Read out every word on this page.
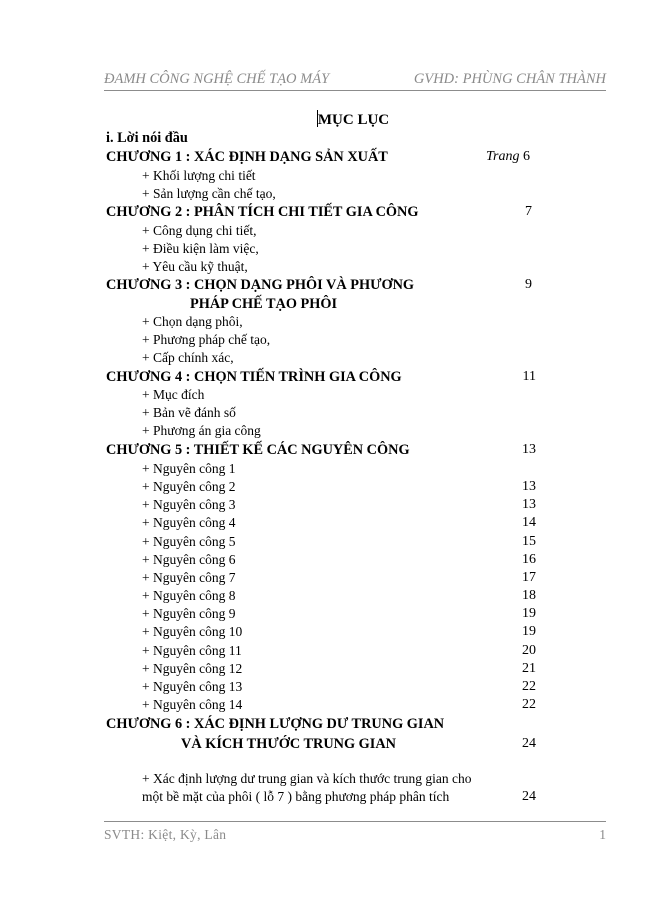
ĐAMH CÔNG NGHỆ CHẾ TẠO MÁY	GVHD: PHÙNG CHÂN THÀNH
MỤC LỤC
i. Lời nói đầu
CHƯƠNG 1 : XÁC ĐỊNH DẠNG SẢN XUẤT	Trang 6
+ Khối lượng chi tiết
+ Sản lượng cần chế tạo,
CHƯƠNG 2 : PHÂN TÍCH CHI TIẾT GIA CÔNG	7
+ Công dụng chi tiết,
+ Điều kiện làm việc,
+ Yêu cầu kỹ thuật,
CHƯƠNG 3 : CHỌN DẠNG PHÔI VÀ PHƯƠNG	9
PHÁP CHẾ TẠO PHÔI
+ Chọn dạng phôi,
+ Phương pháp chế tạo,
+ Cấp chính xác,
CHƯƠNG 4 : CHỌN TIẾN TRÌNH GIA CÔNG	11
+ Mục đích
+ Bản vẽ đánh số
+ Phương án gia công
CHƯƠNG 5 : THIẾT KẾ CÁC NGUYÊN CÔNG	13
+ Nguyên công 1
+ Nguyên công 2	13
+ Nguyên công 3	13
+ Nguyên công 4	14
+ Nguyên công 5	15
+ Nguyên công 6	16
+ Nguyên công 7	17
+ Nguyên công 8	18
+ Nguyên công 9	19
+ Nguyên công 10	19
+ Nguyên công 11	20
+ Nguyên công 12	21
+ Nguyên công 13	22
+ Nguyên công 14	22
CHƯƠNG 6 : XÁC ĐỊNH LƯỢNG DƯ TRUNG GIAN
VÀ KÍCH THƯỚC TRUNG GIAN	24
+ Xác định lượng dư trung gian và kích thước trung gian cho
một bề mặt của phôi ( lỗ 7 ) bằng phương pháp phân tích	24
SVTH: Kiệt, Kỳ, Lân	1
